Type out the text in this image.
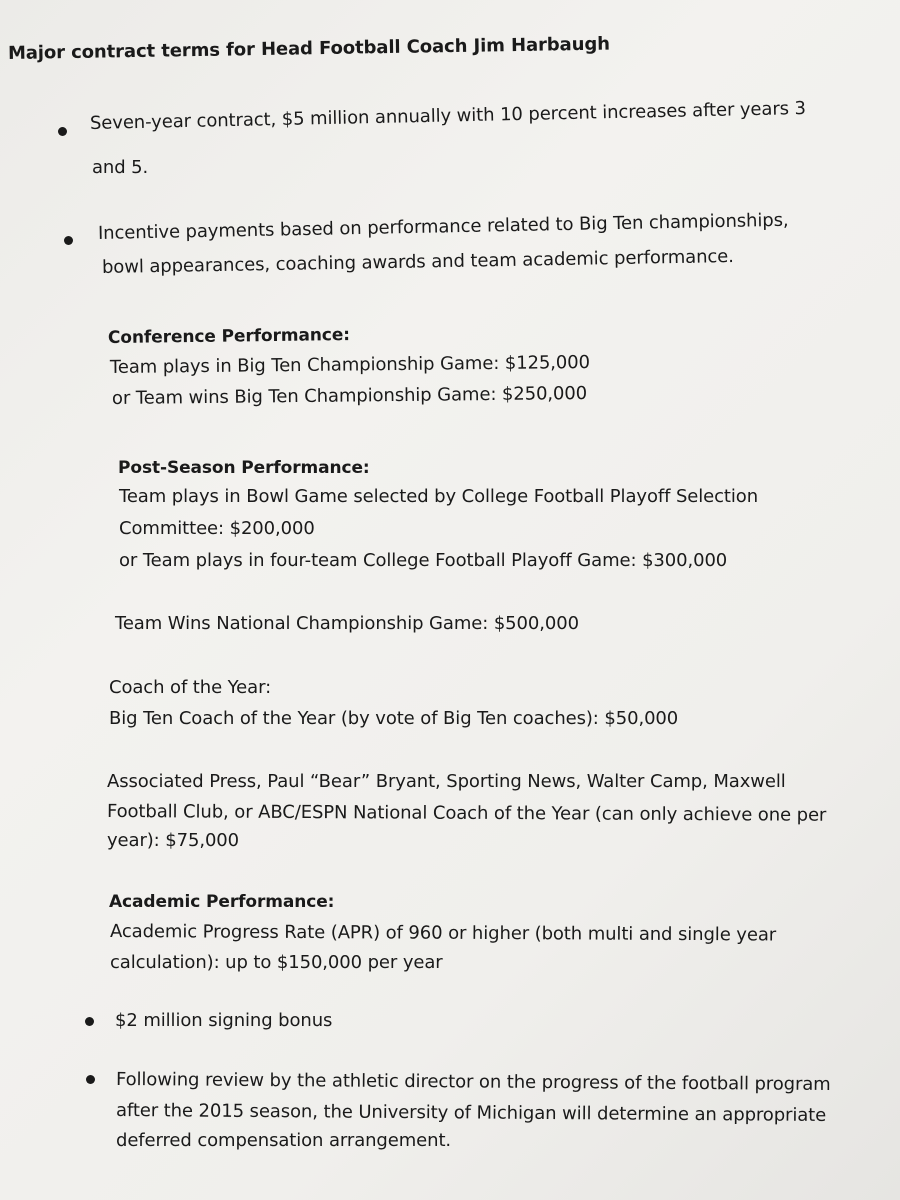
Major contract terms for Head Football Coach Jim Harbaugh
Seven-year contract, $5 million annually with 10 percent increases after years 3
and 5.
Incentive payments based on performance related to Big Ten championships,
bowl appearances, coaching awards and team academic performance.
Conference Performance:
Team plays in Big Ten Championship Game: $125,000
or Team wins Big Ten Championship Game: $250,000
Post-Season Performance:
Team plays in Bowl Game selected by College Football Playoff Selection
Committee: $200,000
or Team plays in four-team College Football Playoff Game: $300,000
Team Wins National Championship Game: $500,000
Coach of the Year:
Big Ten Coach of the Year (by vote of Big Ten coaches): $50,000
Associated Press, Paul “Bear” Bryant, Sporting News, Walter Camp, Maxwell
Football Club, or ABC/ESPN National Coach of the Year (can only achieve one per
year): $75,000
Academic Performance:
Academic Progress Rate (APR) of 960 or higher (both multi and single year
calculation): up to $150,000 per year
$2 million signing bonus
Following review by the athletic director on the progress of the football program
after the 2015 season, the University of Michigan will determine an appropriate
deferred compensation arrangement.
